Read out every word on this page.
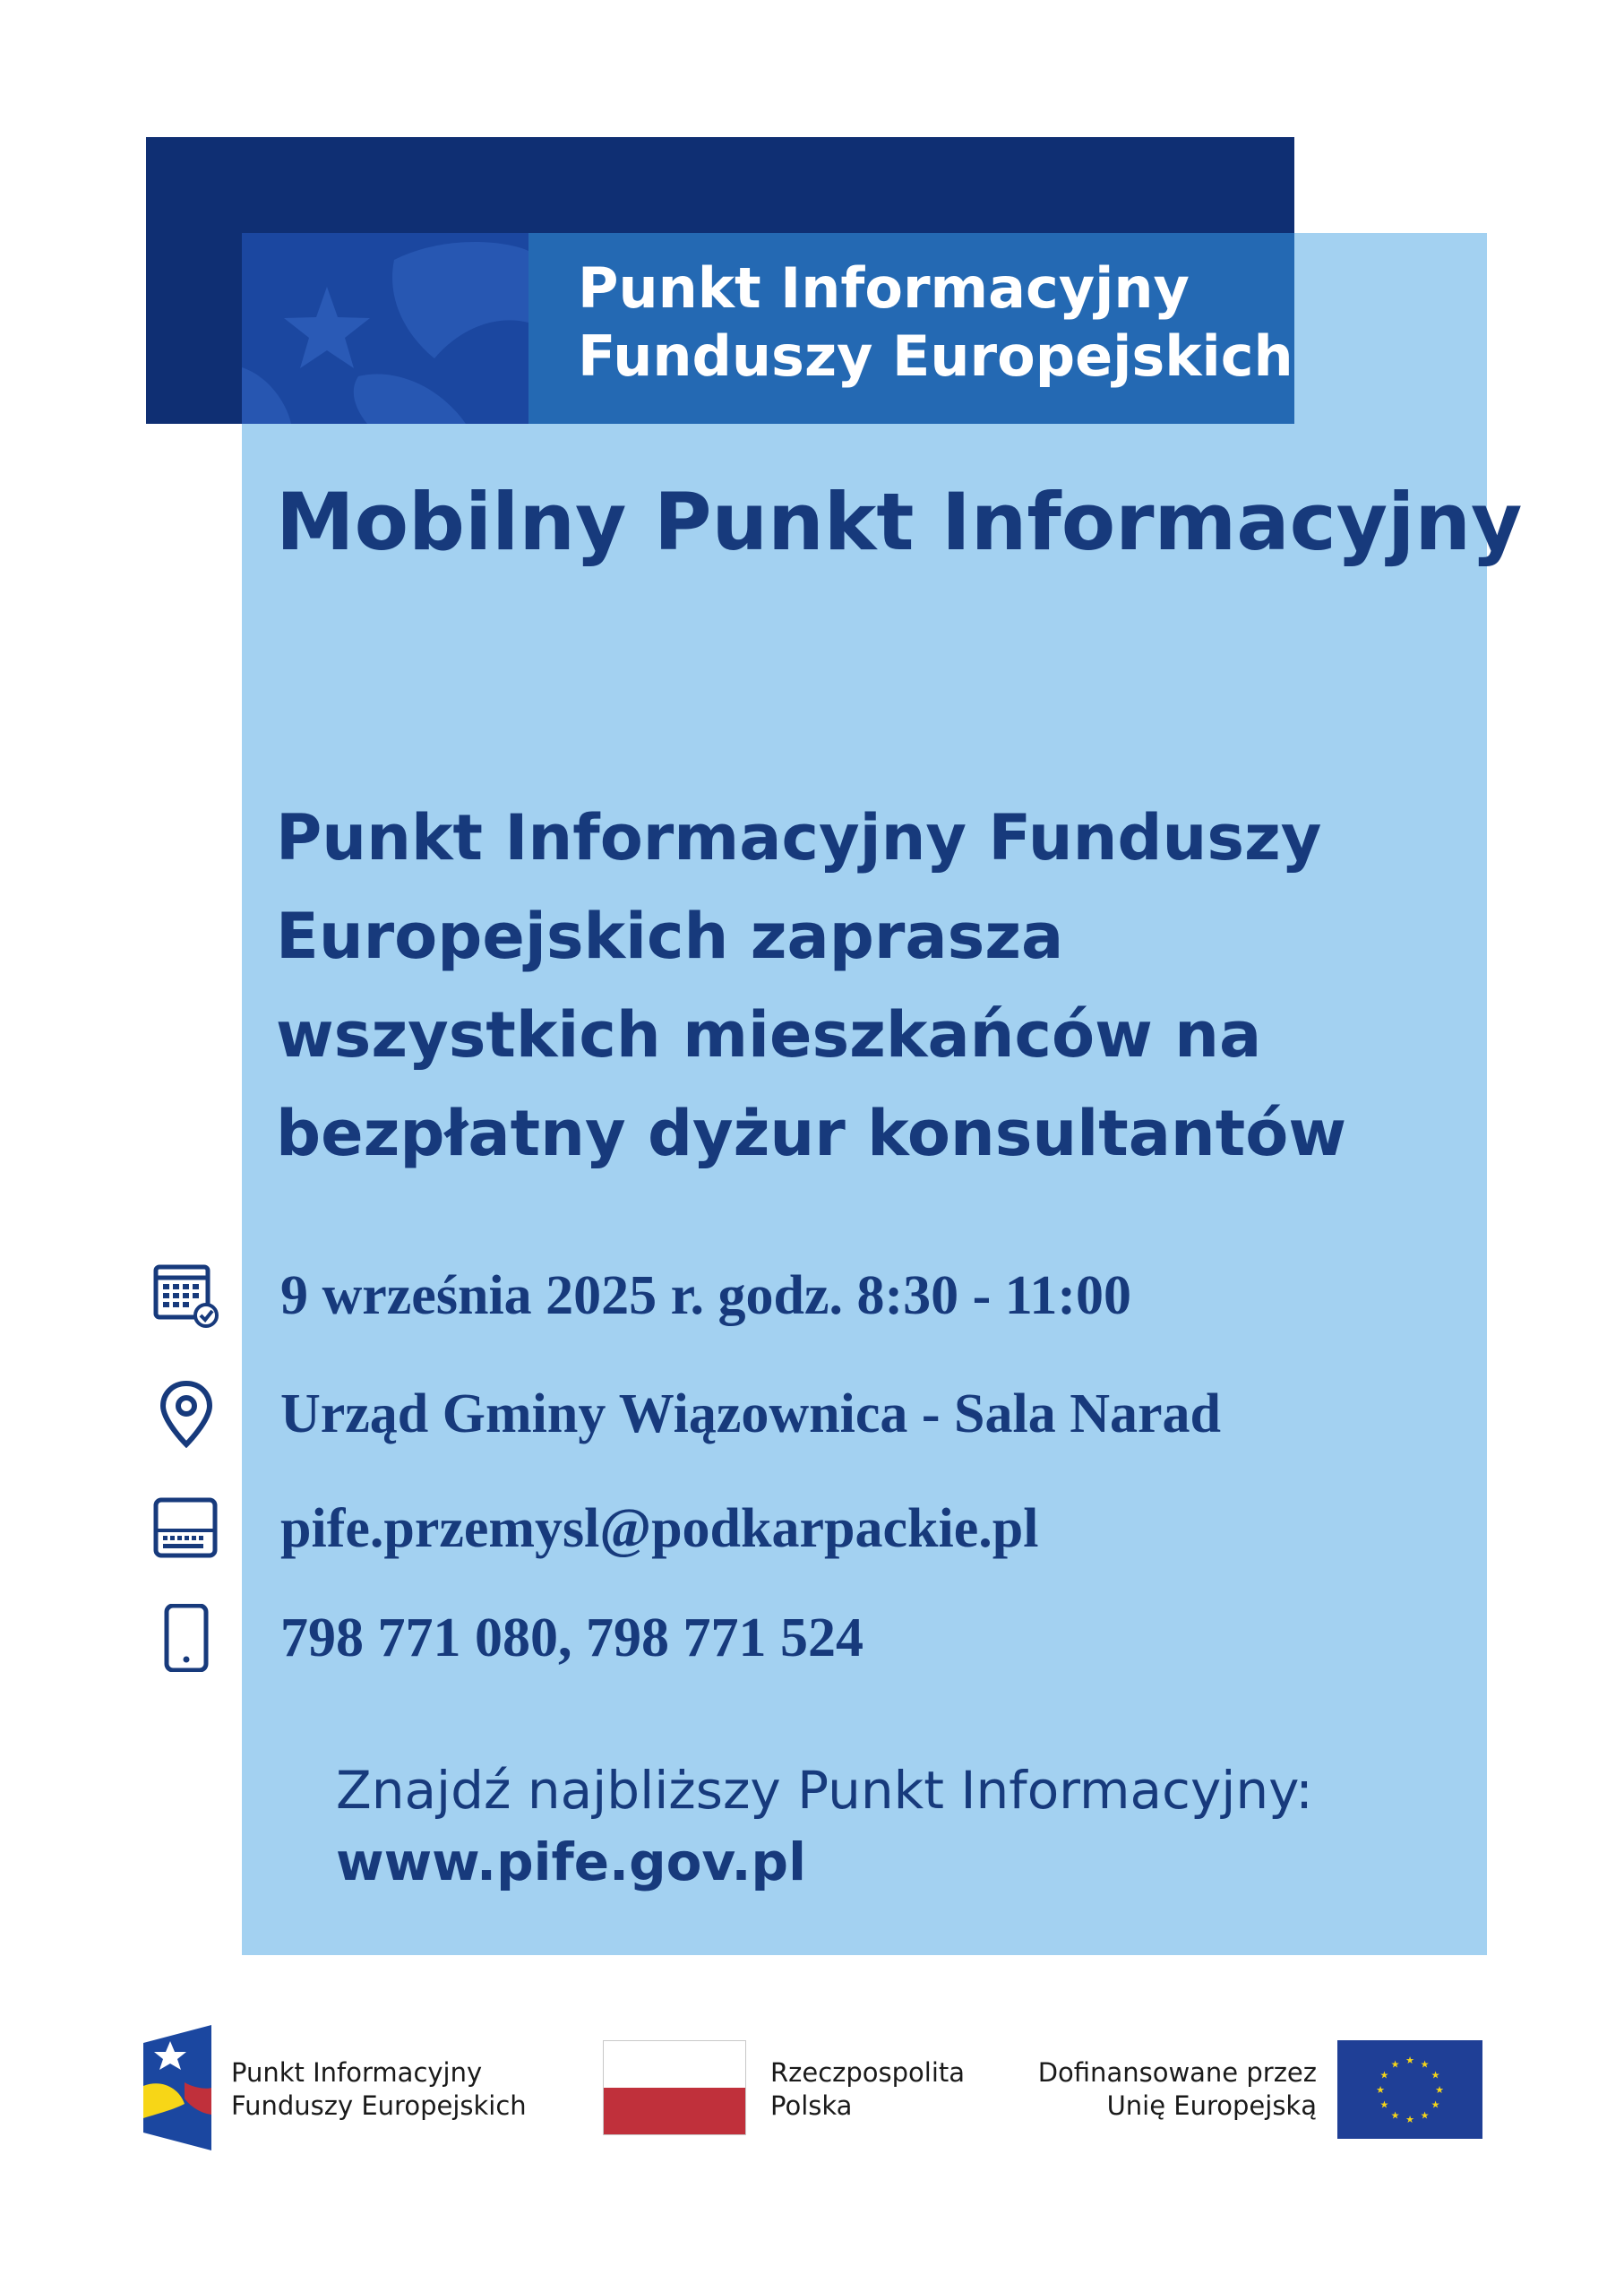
Punkt Informacyjny
Funduszy Europejskich
Mobilny Punkt Informacyjny
Punkt Informacyjny Funduszy Europejskich zaprasza wszystkich mieszkańców na bezpłatny dyżur konsultantów
9 września 2025 r. godz. 8:30 - 11:00
Urząd Gminy Wiązownica - Sala Narad
pife.przemysl@podkarpackie.pl
798 771 080, 798 771 524
Znajdź najbliższy Punkt Informacyjny:
www.pife.gov.pl
Punkt Informacyjny
Funduszy Europejskich
Rzeczpospolita
Polska
Dofinansowane przez
Unię Europejską
★ ★
★
★
★
★
★
★
★
★
★
★
